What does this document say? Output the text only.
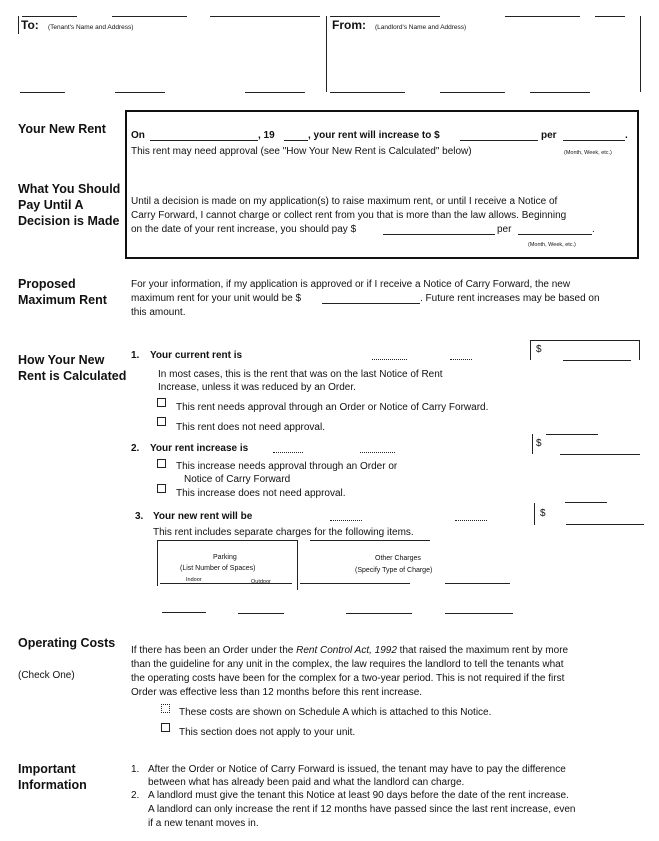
To: (Tenant's Name and Address)	From: (Landlord's Name and Address)
Your New Rent	On	, 19	, your rent will increase to $	per	.
This rent may need approval (see "How Your New Rent is Calculated" below)	(Month, Week, etc.)
What You Should Pay Until A Decision is Made
Until a decision is made on my application(s) to raise maximum rent, or until I receive a Notice of
Carry Forward, I cannot charge or collect rent from you that is more than the law allows. Beginning
on the date of your rent increase, you should pay $	per	.
(Month, Week, etc.)
Proposed Maximum Rent
For your information, if my application is approved or if I receive a Notice of Carry Forward, the new
maximum rent for your unit would be $	. Future rent increases may be based on
this amount.
How Your New Rent is Calculated
1. Your current rent is
$
In most cases, this is the rent that was on the last Notice of Rent
Increase, unless it was reduced by an Order.
This rent needs approval through an Order or Notice of Carry Forward.
This rent does not need approval.
2. Your rent increase is	$
This increase needs approval through an Order or
Notice of Carry Forward
This increase does not need approval.
3. Your new rent will be	$
This rent includes separate charges for the following items.
Parking
(List Number of Spaces)
Indoor	Outdoor
Other Charges
(Specify Type of Charge)
Operating Costs
(Check One)
If there has been an Order under the Rent Control Act, 1992 that raised the maximum rent by more
than the guideline for any unit in the complex, the law requires the landlord to tell the tenants what
the operating costs have been for the complex for a two-year period. This is not required if the first
Order was effective less than 12 months before this rent increase.
These costs are shown on Schedule A which is attached to this Notice.
This section does not apply to your unit.
Important Information
1. After the Order or Notice of Carry Forward is issued, the tenant may have to pay the difference
between what has already been paid and what the landlord can charge.
2. A landlord must give the tenant this Notice at least 90 days before the date of the rent increase.
A landlord can only increase the rent if 12 months have passed since the last rent increase, even
if a new tenant moves in.
